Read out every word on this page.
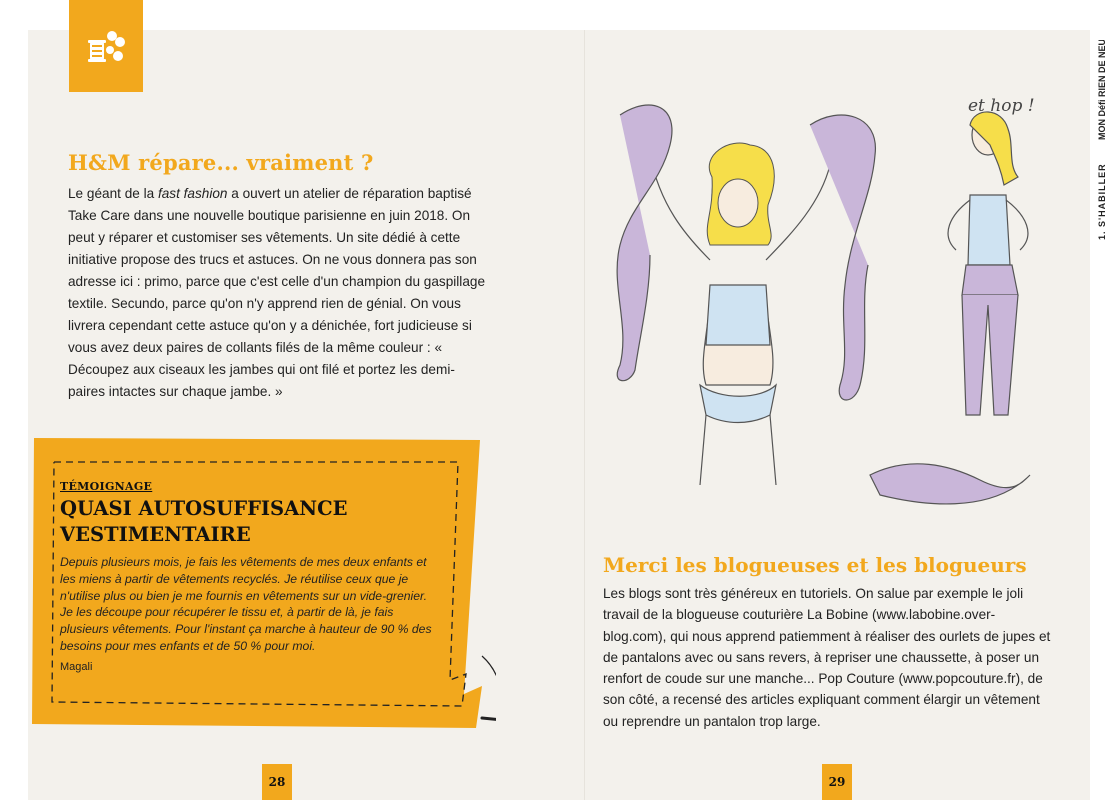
H&M répare... vraiment ?

Le géant de la fast fashion a ouvert un atelier de réparation baptisé Take Care dans une nouvelle boutique parisienne en juin 2018. On peut y réparer et customiser ses vêtements. Un site dédié à cette initiative propose des trucs et astuces. On ne vous donnera pas son adresse ici : primo, parce que c'est celle d'un champion du gaspillage textile. Secundo, parce qu'on n'y apprend rien de génial. On vous livrera cependant cette astuce qu'on y a dénichée, fort judicieuse si vous avez deux paires de collants filés de la même couleur : « Découpez aux ciseaux les jambes qui ont filé et portez les demi-paires intactes sur chaque jambe. »

TÉMOIGNAGE
QUASI AUTOSUFFISANCE
VESTIMENTAIRE

Depuis plusieurs mois, je fais les vêtements de mes deux enfants et les miens à partir de vêtements recyclés. Je réutilise ceux que je n'utilise plus ou bien je me fournis en vêtements sur un vide-grenier. Je les découpe pour récupérer le tissu et, à partir de là, je fais plusieurs vêtements. Pour l'instant ça marche à hauteur de 90 % des besoins pour mes enfants et de 50 % pour moi.

Magali
28
et hop !
1. S'HABILLER
MON Défi RIEN DE NEUF
Merci les blogueuses et les blogueurs

Les blogs sont très généreux en tutoriels. On salue par exemple le joli travail de la blogueuse couturière La Bobine (www.labobine.over-blog.com), qui nous apprend patiemment à réaliser des ourlets de jupes et de pantalons avec ou sans revers, à repriser une chaussette, à poser un renfort de coude sur une manche... Pop Couture (www.popcouture.fr), de son côté, a recensé des articles expliquant comment élargir un vêtement ou reprendre un pantalon trop large.

29
